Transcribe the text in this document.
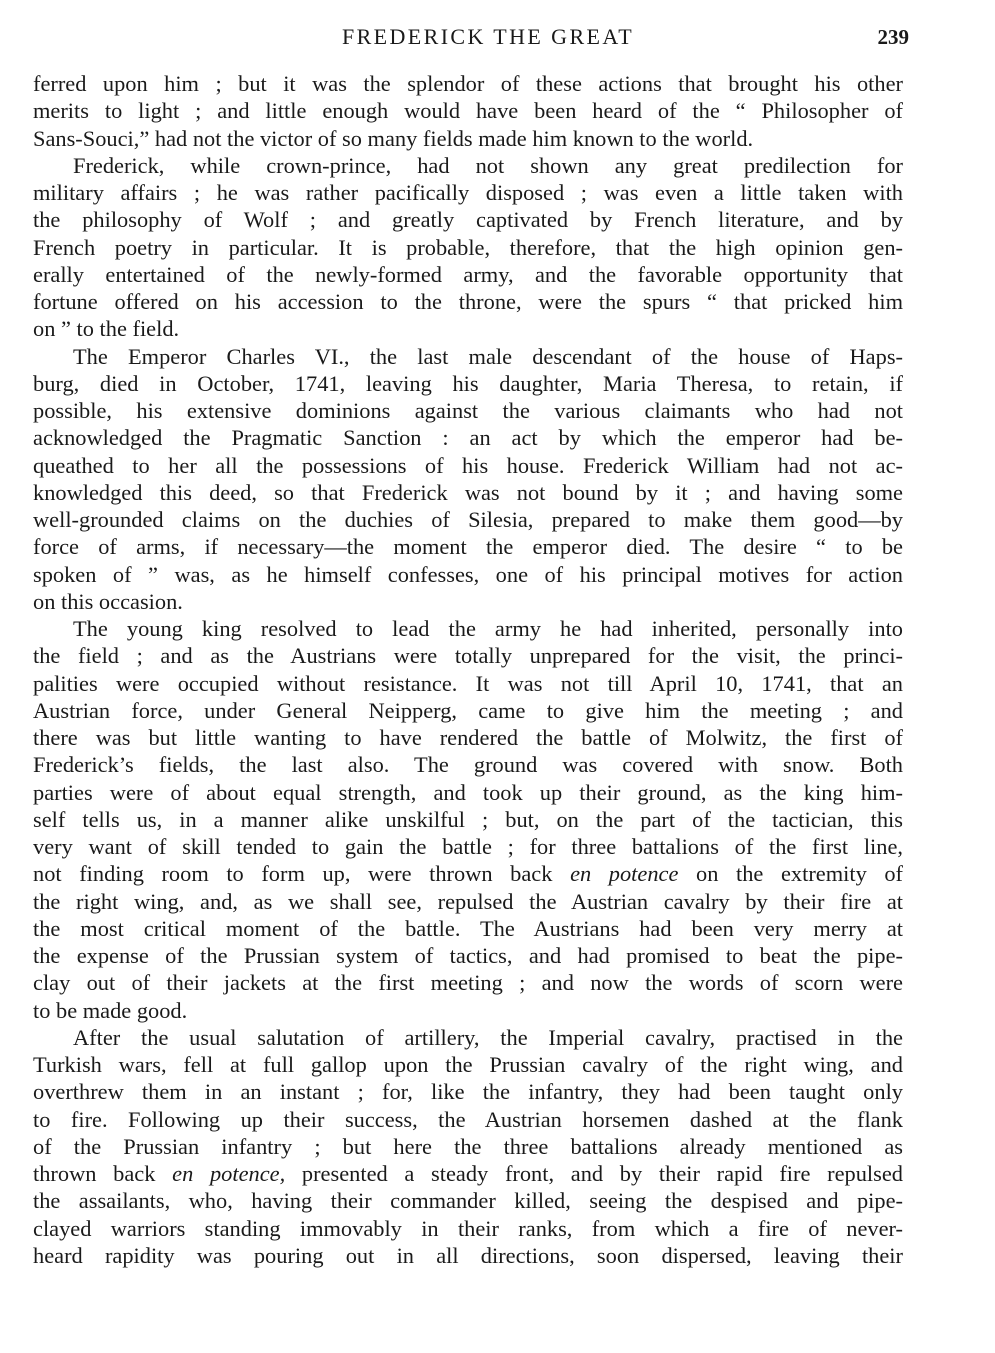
FREDERICK THE GREAT	239
ferred upon him ; but it was the splendor of these actions that brought his other
merits to light ; and little enough would have been heard of the “ Philosopher of
Sans-Souci,” had not the victor of so many fields made him known to the world.
Frederick, while crown-prince, had not shown any great predilection for
military affairs ; he was rather pacifically disposed ; was even a little taken with
the philosophy of Wolf ; and greatly captivated by French literature, and by
French poetry in particular. It is probable, therefore, that the high opinion gen-
erally entertained of the newly-formed army, and the favorable opportunity that
fortune offered on his accession to the throne, were the spurs “ that pricked him
on ” to the field.
The Emperor Charles VI., the last male descendant of the house of Haps-
burg, died in October, 1741, leaving his daughter, Maria Theresa, to retain, if
possible, his extensive dominions against the various claimants who had not
acknowledged the Pragmatic Sanction : an act by which the emperor had be-
queathed to her all the possessions of his house. Frederick William had not ac-
knowledged this deed, so that Frederick was not bound by it ; and having some
well-grounded claims on the duchies of Silesia, prepared to make them good—by
force of arms, if necessary—the moment the emperor died. The desire “ to be
spoken of ” was, as he himself confesses, one of his principal motives for action
on this occasion.
The young king resolved to lead the army he had inherited, personally into
the field ; and as the Austrians were totally unprepared for the visit, the princi-
palities were occupied without resistance. It was not till April 10, 1741, that an
Austrian force, under General Neipperg, came to give him the meeting ; and
there was but little wanting to have rendered the battle of Molwitz, the first of
Frederick’s fields, the last also. The ground was covered with snow. Both
parties were of about equal strength, and took up their ground, as the king him-
self tells us, in a manner alike unskilful ; but, on the part of the tactician, this
very want of skill tended to gain the battle ; for three battalions of the first line,
not finding room to form up, were thrown back en potence on the extremity of
the right wing, and, as we shall see, repulsed the Austrian cavalry by their fire at
the most critical moment of the battle. The Austrians had been very merry at
the expense of the Prussian system of tactics, and had promised to beat the pipe-
clay out of their jackets at the first meeting ; and now the words of scorn were
to be made good.
After the usual salutation of artillery, the Imperial cavalry, practised in the
Turkish wars, fell at full gallop upon the Prussian cavalry of the right wing, and
overthrew them in an instant ; for, like the infantry, they had been taught only
to fire. Following up their success, the Austrian horsemen dashed at the flank
of the Prussian infantry ; but here the three battalions already mentioned as
thrown back en potence, presented a steady front, and by their rapid fire repulsed
the assailants, who, having their commander killed, seeing the despised and pipe-
clayed warriors standing immovably in their ranks, from which a fire of never-
heard rapidity was pouring out in all directions, soon dispersed, leaving their
